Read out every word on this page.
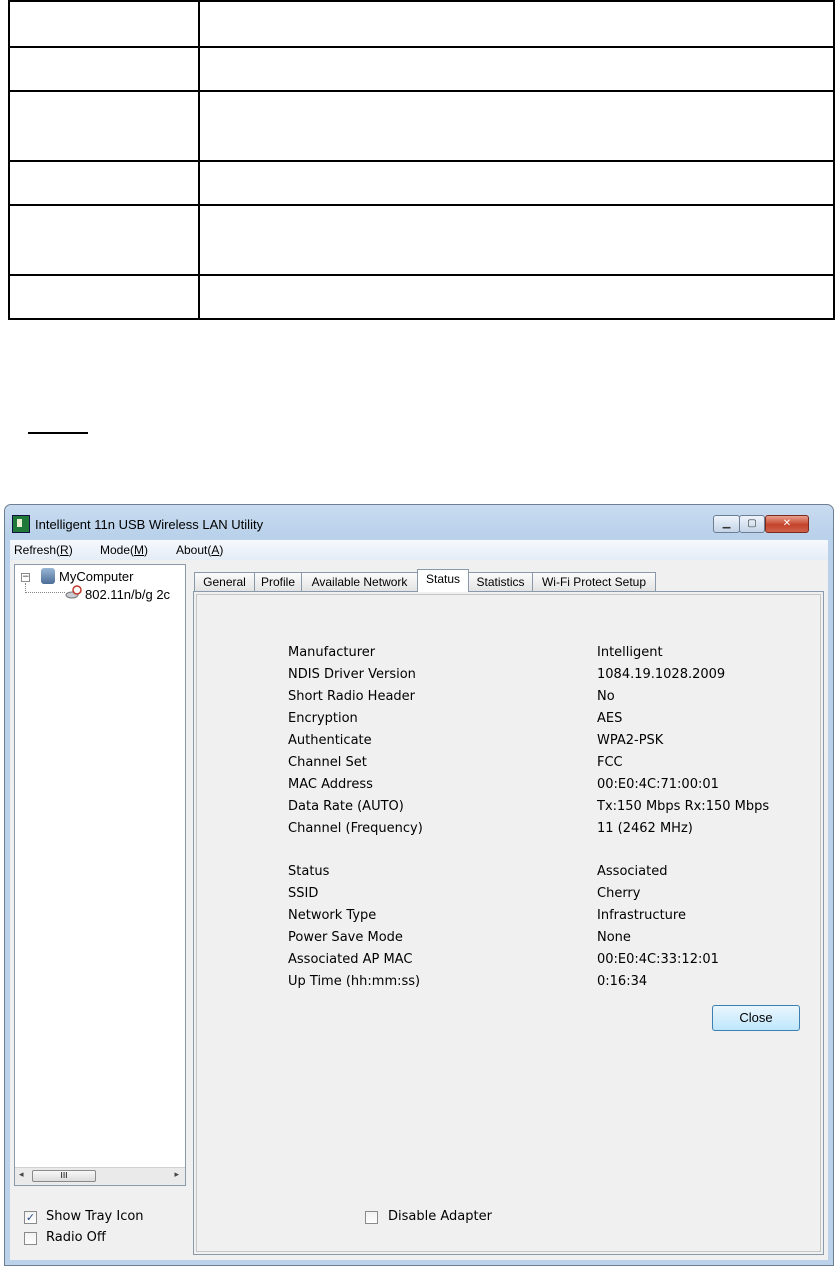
Intelligent 11n USB Wireless LAN Utility	▁	▢	✕
Refresh(R) Mode(M) About(A)
− MyComputer
802.11n/b/g 2c
◂	III	▸
General	Profile	Available Network	Status	Statistics	Wi-Fi Protect Setup
Manufacturer	Intelligent
NDIS Driver Version	1084.19.1028.2009
Short Radio Header	No
Encryption	AES
Authenticate	WPA2-PSK
Channel Set	FCC
MAC Address	00:E0:4C:71:00:01
Data Rate (AUTO)	Tx:150 Mbps Rx:150 Mbps
Channel (Frequency)	11 (2462 MHz)
Status	Associated
SSID	Cherry
Network Type	Infrastructure
Power Save Mode	None
Associated AP MAC	00:E0:4C:33:12:01
Up Time (hh:mm:ss)	0:16:34
✓ Show Tray Icon
Radio Off
Disable Adapter
Close
